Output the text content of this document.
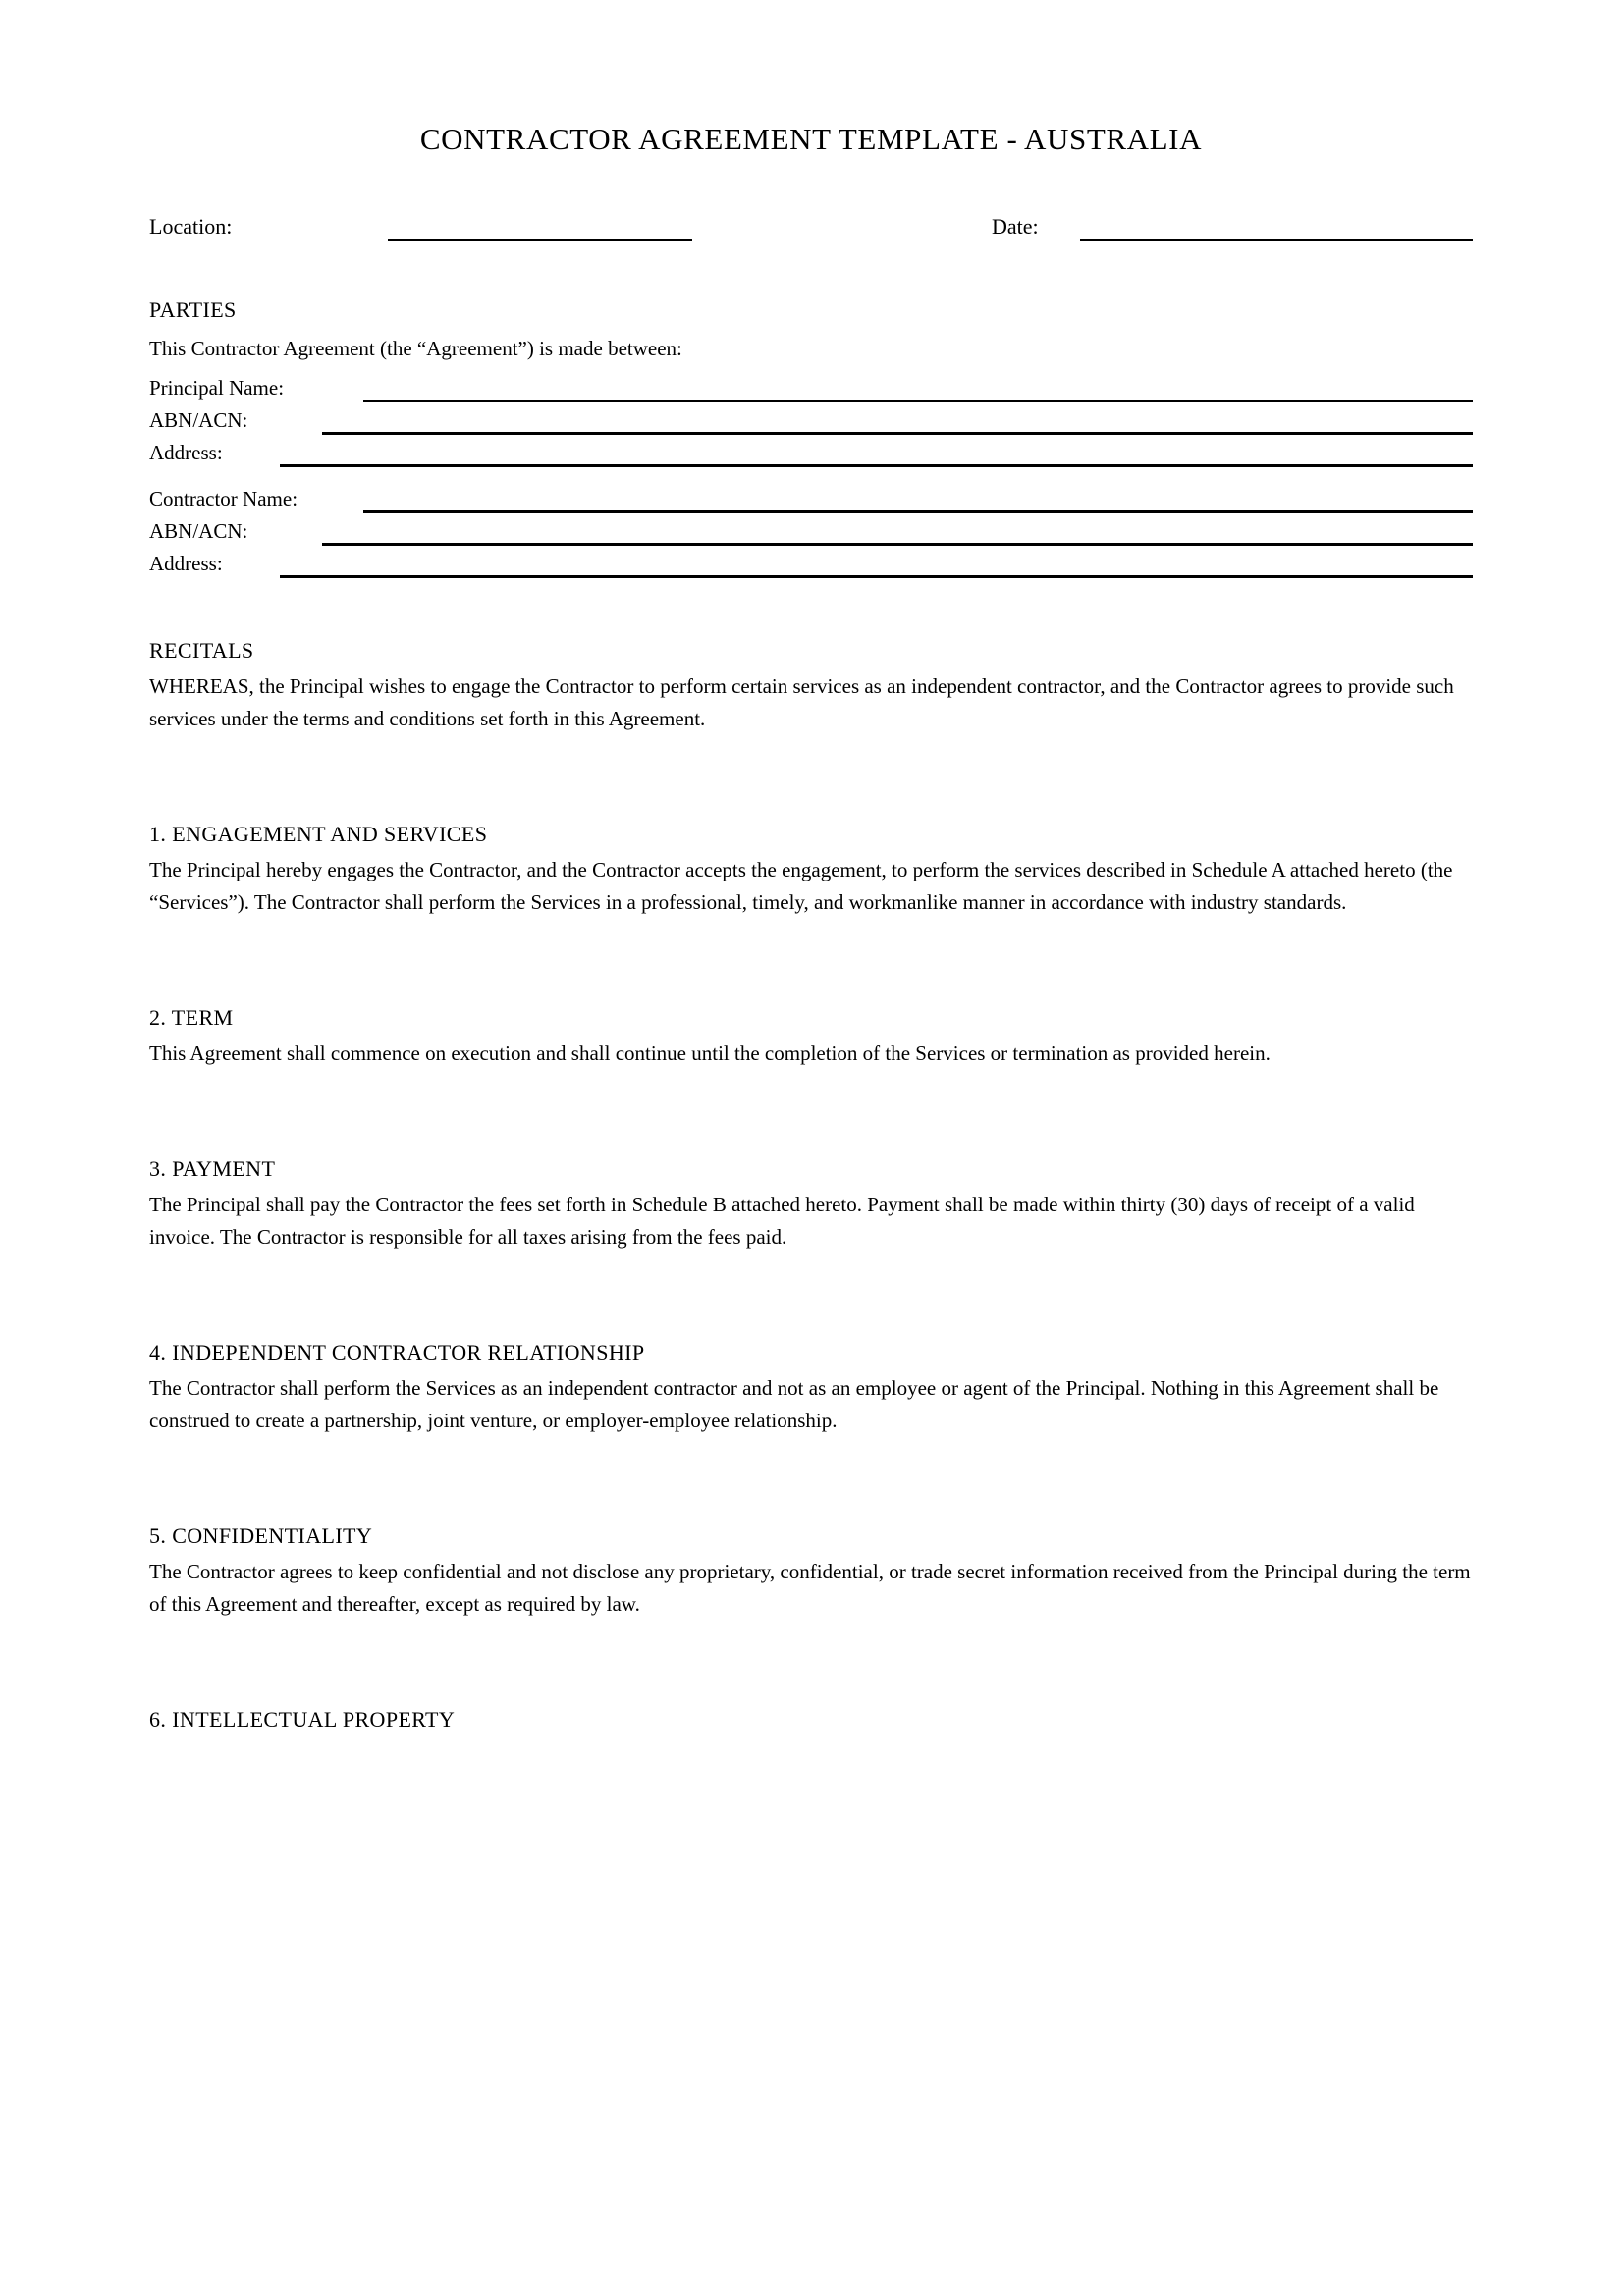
CONTRACTOR AGREEMENT TEMPLATE - AUSTRALIA
Location:	Date:
PARTIES

This Contractor Agreement (the “Agreement”) is made between:

Principal Name:
ABN/ACN:
Address:
Contractor Name:
ABN/ACN:
Address:
RECITALS

WHEREAS, the Principal wishes to engage the Contractor to perform certain services as an independent contractor, and the Contractor agrees to provide such services under the terms and conditions set forth in this Agreement.

1. ENGAGEMENT AND SERVICES

The Principal hereby engages the Contractor, and the Contractor accepts the engagement, to perform the services described in Schedule A attached hereto (the “Services”). The Contractor shall perform the Services in a professional, timely, and workmanlike manner in accordance with industry standards.

2. TERM

This Agreement shall commence on execution and shall continue until the completion of the Services or termination as provided herein.

3. PAYMENT

The Principal shall pay the Contractor the fees set forth in Schedule B attached hereto. Payment shall be made within thirty (30) days of receipt of a valid invoice. The Contractor is responsible for all taxes arising from the fees paid.

4. INDEPENDENT CONTRACTOR RELATIONSHIP

The Contractor shall perform the Services as an independent contractor and not as an employee or agent of the Principal. Nothing in this Agreement shall be construed to create a partnership, joint venture, or employer-employee relationship.

5. CONFIDENTIALITY

The Contractor agrees to keep confidential and not disclose any proprietary, confidential, or trade secret information received from the Principal during the term of this Agreement and thereafter, except as required by law.

6. INTELLECTUAL PROPERTY
